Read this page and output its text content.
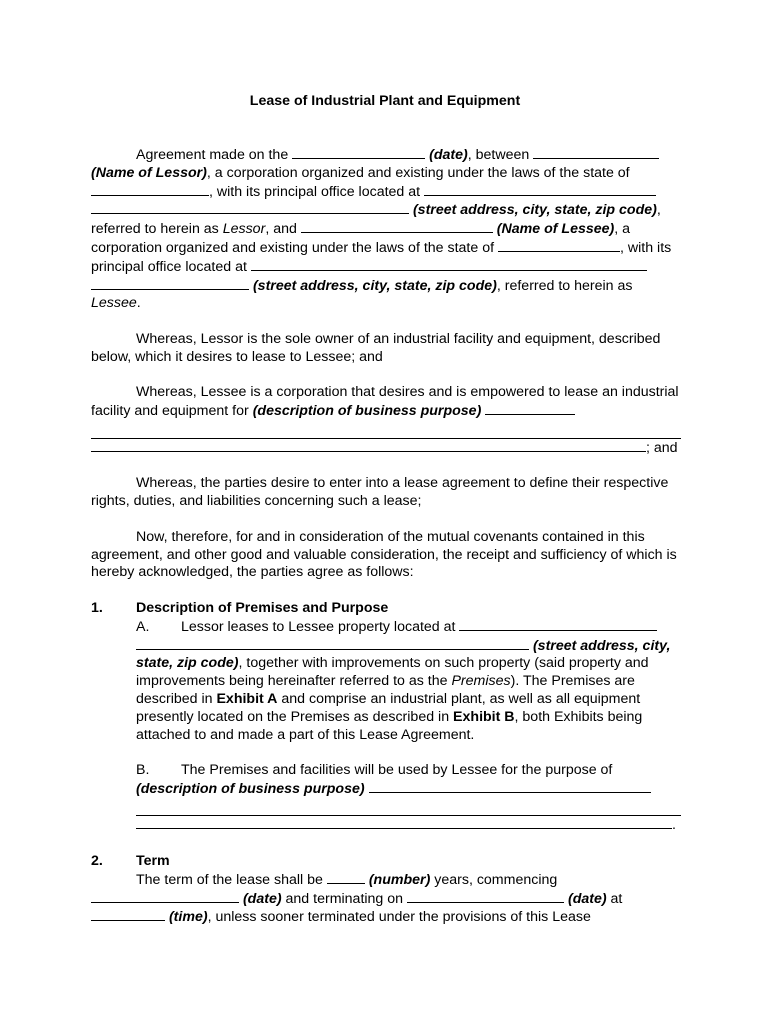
Lease of Industrial Plant and Equipment

Agreement made on the	(date), between  (Name of Lessor), a corporation organized and existing under the laws of the state of , with its principal office located at   (street address, city, state, zip code), referred to herein as Lessor, and	(Name of Lessee), a corporation organized and existing under the laws of the state of	, with its principal office located at   (street address, city, state, zip code), referred to herein as Lessee.

Whereas, Lessor is the sole owner of an industrial facility and equipment, described below, which it desires to lease to Lessee; and

Whereas, Lessee is a corporation that desires and is empowered to lease an industrial facility and equipment for (description of business purpose)
; and

Whereas, the parties desire to enter into a lease agreement to define their respective rights, duties, and liabilities concerning such a lease;

Now, therefore, for and in consideration of the mutual covenants contained in this agreement, and other good and valuable consideration, the receipt and sufficiency of which is hereby acknowledged, the parties agree as follows:

1.	Description of Premises and Purpose

A. Lessor leases to Lessee property located at   (street address, city, state, zip code), together with improvements on such property (said property and improvements being hereinafter referred to as the Premises). The Premises are described in Exhibit A and comprise an industrial plant, as well as all equipment presently located on the Premises as described in Exhibit B, both Exhibits being attached to and made a part of this Lease Agreement.

B. The Premises and facilities will be used by Lessee for the purpose of (description of business purpose)
.

2.	Term

The term of the lease shall be	(number) years, commencing  (date) and terminating on	(date) at  (time), unless sooner terminated under the provisions of this Lease
